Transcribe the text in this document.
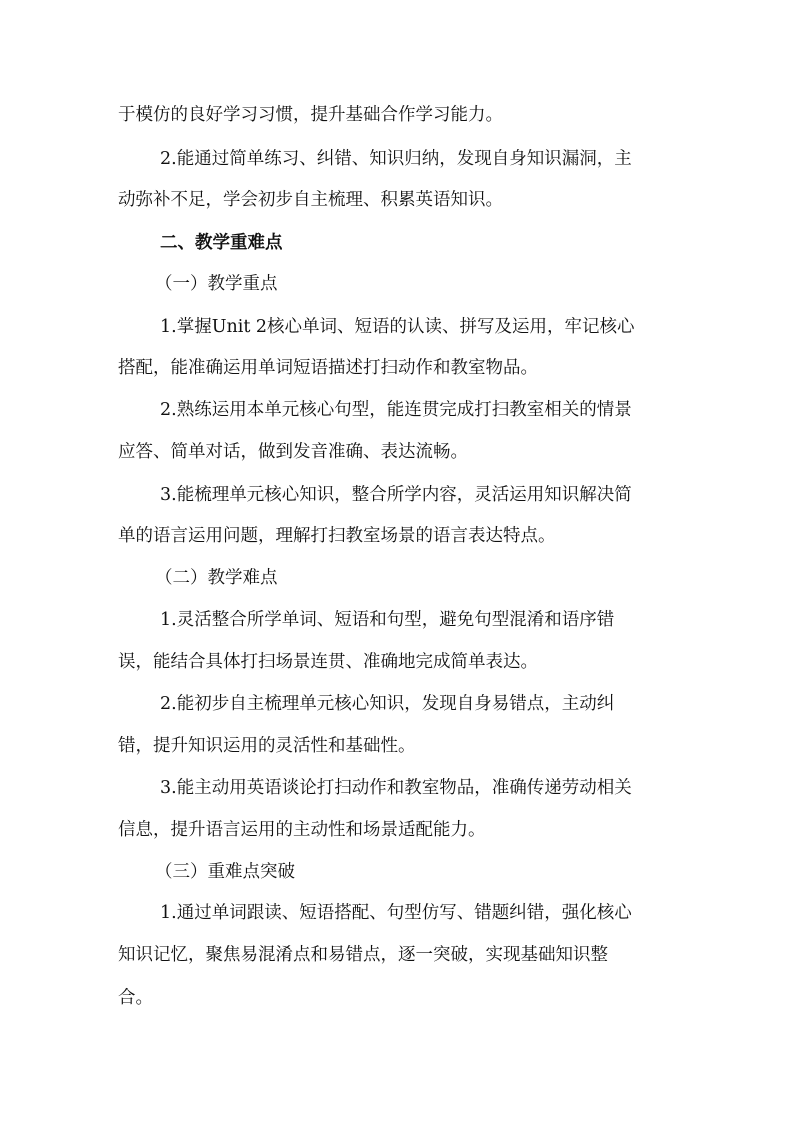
于模仿的良好学习习惯，提升基础合作学习能力。
2.能通过简单练习、纠错、知识归纳，发现自身知识漏洞，主
动弥补不足，学会初步自主梳理、积累英语知识。
二、教学重难点
（一）教学重点
1.掌握Unit 2核心单词、短语的认读、拼写及运用，牢记核心
搭配，能准确运用单词短语描述打扫动作和教室物品。
2.熟练运用本单元核心句型，能连贯完成打扫教室相关的情景
应答、简单对话，做到发音准确、表达流畅。
3.能梳理单元核心知识，整合所学内容，灵活运用知识解决简
单的语言运用问题，理解打扫教室场景的语言表达特点。
（二）教学难点
1.灵活整合所学单词、短语和句型，避免句型混淆和语序错
误，能结合具体打扫场景连贯、准确地完成简单表达。
2.能初步自主梳理单元核心知识，发现自身易错点，主动纠
错，提升知识运用的灵活性和基础性。
3.能主动用英语谈论打扫动作和教室物品，准确传递劳动相关
信息，提升语言运用的主动性和场景适配能力。
（三）重难点突破
1.通过单词跟读、短语搭配、句型仿写、错题纠错，强化核心
知识记忆，聚焦易混淆点和易错点，逐一突破，实现基础知识整
合。
